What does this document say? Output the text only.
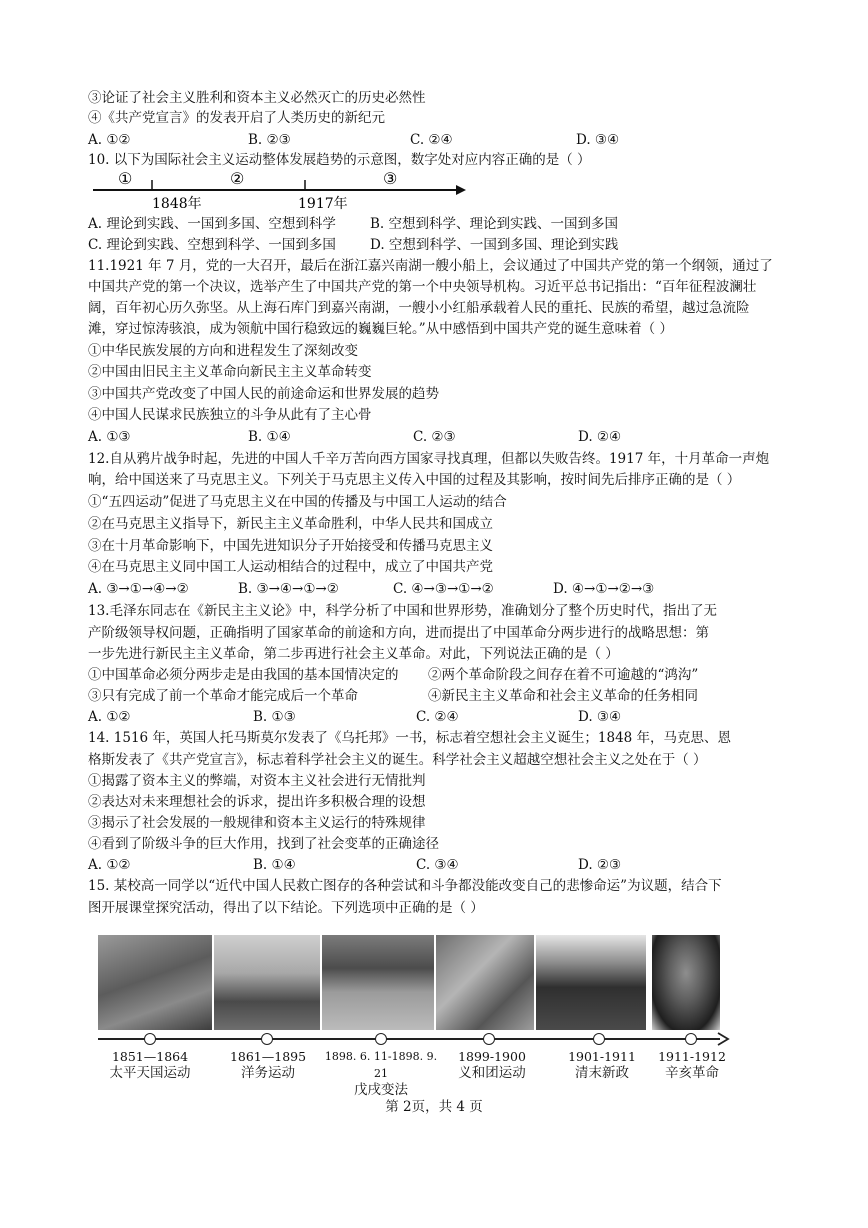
③论证了社会主义胜利和资本主义必然灭亡的历史必然性
④《共产党宣言》的发表开启了人类历史的新纪元
A. ①②	B. ②③	C. ②④	D. ③④
10. 以下为国际社会主义运动整体发展趋势的示意图，数字处对应内容正确的是（ ）
①	②	③
1848年	1917年
A. 理论到实践、一国到多国、空想到科学	B. 空想到科学、理论到实践、一国到多国
C. 理论到实践、空想到科学、一国到多国	D. 空想到科学、一国到多国、理论到实践
11.1921 年 7 月，党的一大召开，最后在浙江嘉兴南湖一艘小船上，会议通过了中国共产党的第一个纲领，通过了
中国共产党的第一个决议，选举产生了中国共产党的第一个中央领导机构。习近平总书记指出：“百年征程波澜壮
阔，百年初心历久弥坚。从上海石库门到嘉兴南湖，一艘小小红船承载着人民的重托、民族的希望，越过急流险
滩，穿过惊涛骇浪，成为领航中国行稳致远的巍巍巨轮。”从中感悟到中国共产党的诞生意味着（ ）
①中华民族发展的方向和进程发生了深刻改变
②中国由旧民主主义革命向新民主主义革命转变
③中国共产党改变了中国人民的前途命运和世界发展的趋势
④中国人民谋求民族独立的斗争从此有了主心骨
A. ①③	B. ①④	C. ②③	D. ②④
12.自从鸦片战争时起，先进的中国人千辛万苦向西方国家寻找真理，但都以失败告终。1917 年，十月革命一声炮
响，给中国送来了马克思主义。下列关于马克思主义传入中国的过程及其影响，按时间先后排序正确的是（ ）
①“五四运动”促进了马克思主义在中国的传播及与中国工人运动的结合
②在马克思主义指导下，新民主主义革命胜利，中华人民共和国成立
③在十月革命影响下，中国先进知识分子开始接受和传播马克思主义
④在马克思主义同中国工人运动相结合的过程中，成立了中国共产党
A. ③→①→④→②	B. ③→④→①→②	C. ④→③→①→②	D. ④→①→②→③
13.毛泽东同志在《新民主主义论》中，科学分析了中国和世界形势，准确划分了整个历史时代，指出了无
产阶级领导权问题，正确指明了国家革命的前途和方向，进而提出了中国革命分两步进行的战略思想：第
一步先进行新民主主义革命，第二步再进行社会主义革命。对此，下列说法正确的是（ ）
①中国革命必须分两步走是由我国的基本国情决定的 ②两个革命阶段之间存在着不可逾越的“鸿沟”
③只有完成了前一个革命才能完成后一个革命	④新民主主义革命和社会主义革命的任务相同
A. ①②	B. ①③	C. ②④	D. ③④
14. 1516 年，英国人托马斯莫尔发表了《乌托邦》一书，标志着空想社会主义诞生；1848 年，马克思、恩
格斯发表了《共产党宣言》，标志着科学社会主义的诞生。科学社会主义超越空想社会主义之处在于（ ）
①揭露了资本主义的弊端，对资本主义社会进行无情批判
②表达对未来理想社会的诉求，提出许多积极合理的设想
③揭示了社会发展的一般规律和资本主义运行的特殊规律
④看到了阶级斗争的巨大作用，找到了社会变革的正确途径
A. ①②	B. ①④	C. ③④	D. ②③
15. 某校高一同学以“近代中国人民救亡图存的各种尝试和斗争都没能改变自己的悲惨命运”为议题，结合下
图开展课堂探究活动，得出了以下结论。下列选项中正确的是（ ）
1851—1864
太平天国运动
1861—1895
洋务运动
1898. 6. 11-1898. 9. 21
戊戌变法
1899-1900
义和团运动
1901-1911
清末新政
1911-1912
辛亥革命
第 2页，共 4 页
